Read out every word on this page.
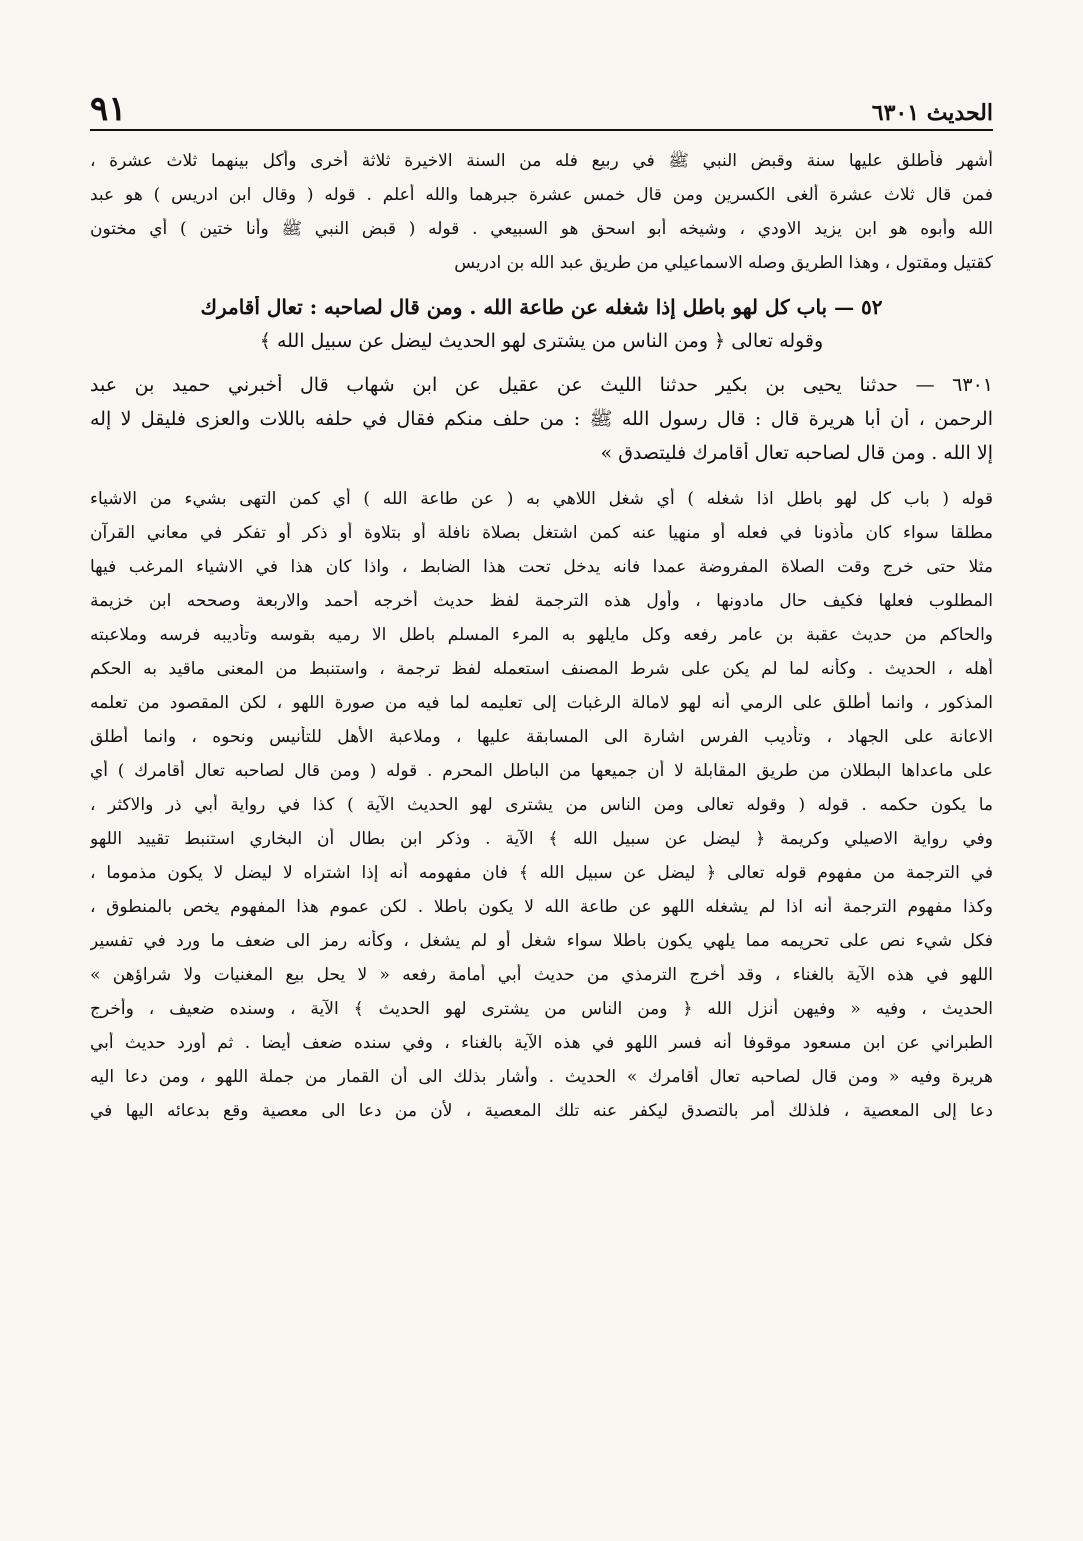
الحديث ٦٣٠١
٩١
أشهر فأطلق عليها سنة وقبض النبي ﷺ في ربيع فله من السنة الاخيرة ثلاثة أخرى وأكل بينهما ثلاث عشرة ،
فمن قال ثلاث عشرة ألغى الكسرين ومن قال خمس عشرة جبرهما والله أعلم . قوله ( وقال ابن ادريس ) هو عبد
الله وأبوه هو ابن يزيد الاودي ، وشيخه أبو اسحق هو السبيعي . قوله ( قبض النبي ﷺ وأنا ختين ) أي مختون
كقتيل ومقتول ، وهذا الطريق وصله الاسماعيلي من طريق عبد الله بن ادريس
٥٢ — باب كل لهو باطل إذا شغله عن طاعة الله . ومن قال لصاحبه : تعال أقامرك
وقوله تعالى ﴿ ومن الناس من يشترى لهو الحديث ليضل عن سبيل الله ﴾
٦٣٠١ — حدثنا يحيى بن بكير حدثنا الليث عن عقيل عن ابن شهاب قال أخبرني حميد بن عبد
الرحمن ، أن أبا هريرة قال : قال رسول الله ﷺ : من حلف منكم فقال في حلفه باللات والعزى فليقل لا إله
إلا الله . ومن قال لصاحبه تعال أقامرك فليتصدق »
قوله ( باب كل لهو باطل اذا شغله ) أي شغل اللاهي به ( عن طاعة الله ) أي كمن التهى بشيء من الاشياء
مطلقا سواء كان مأذونا في فعله أو منهيا عنه كمن اشتغل بصلاة نافلة أو بتلاوة أو ذكر أو تفكر في معاني القرآن
مثلا حتى خرج وقت الصلاة المفروضة عمدا فانه يدخل تحت هذا الضابط ، واذا كان هذا في الاشياء المرغب فيها
المطلوب فعلها فكيف حال مادونها ، وأول هذه الترجمة لفظ حديث أخرجه أحمد والاربعة وصححه ابن خزيمة
والحاكم من حديث عقبة بن عامر رفعه وكل مايلهو به المرء المسلم باطل الا رميه بقوسه وتأديبه فرسه وملاعبته
أهله ، الحديث . وكأنه لما لم يكن على شرط المصنف استعمله لفظ ترجمة ، واستنبط من المعنى ماقيد به الحكم
المذكور ، وانما أطلق على الرمي أنه لهو لامالة الرغبات إلى تعليمه لما فيه من صورة اللهو ، لكن المقصود من تعلمه
الاعانة على الجهاد ، وتأديب الفرس اشارة الى المسابقة عليها ، وملاعبة الأهل للتأنيس ونحوه ، وانما أطلق
على ماعداها البطلان من طريق المقابلة لا أن جميعها من الباطل المحرم . قوله ( ومن قال لصاحبه تعال أقامرك ) أي
ما يكون حكمه . قوله ( وقوله تعالى ومن الناس من يشترى لهو الحديث الآية ) كذا في رواية أبي ذر والاكثر ،
وفي رواية الاصيلي وكريمة ﴿ ليضل عن سبيل الله ﴾ الآية . وذكر ابن بطال أن البخاري استنبط تقييد اللهو
في الترجمة من مفهوم قوله تعالى ﴿ ليضل عن سبيل الله ﴾ فان مفهومه أنه إذا اشتراه لا ليضل لا يكون مذموما ،
وكذا مفهوم الترجمة أنه اذا لم يشغله اللهو عن طاعة الله لا يكون باطلا . لكن عموم هذا المفهوم يخص بالمنطوق ،
فكل شيء نص على تحريمه مما يلهي يكون باطلا سواء شغل أو لم يشغل ، وكأنه رمز الى ضعف ما ورد في تفسير
اللهو في هذه الآية بالغناء ، وقد أخرج الترمذي من حديث أبي أمامة رفعه « لا يحل بيع المغنيات ولا شراؤهن »
الحديث ، وفيه « وفيهن أنزل الله ﴿ ومن الناس من يشترى لهو الحديث ﴾ الآية ، وسنده ضعيف ، وأخرج
الطبراني عن ابن مسعود موقوفا أنه فسر اللهو في هذه الآية بالغناء ، وفي سنده ضعف أيضا . ثم أورد حديث أبي
هريرة وفيه « ومن قال لصاحبه تعال أقامرك » الحديث . وأشار بذلك الى أن القمار من جملة اللهو ، ومن دعا اليه
دعا إلى المعصية ، فلذلك أمر بالتصدق ليكفر عنه تلك المعصية ، لأن من دعا الى معصية وقع بدعائه اليها في
